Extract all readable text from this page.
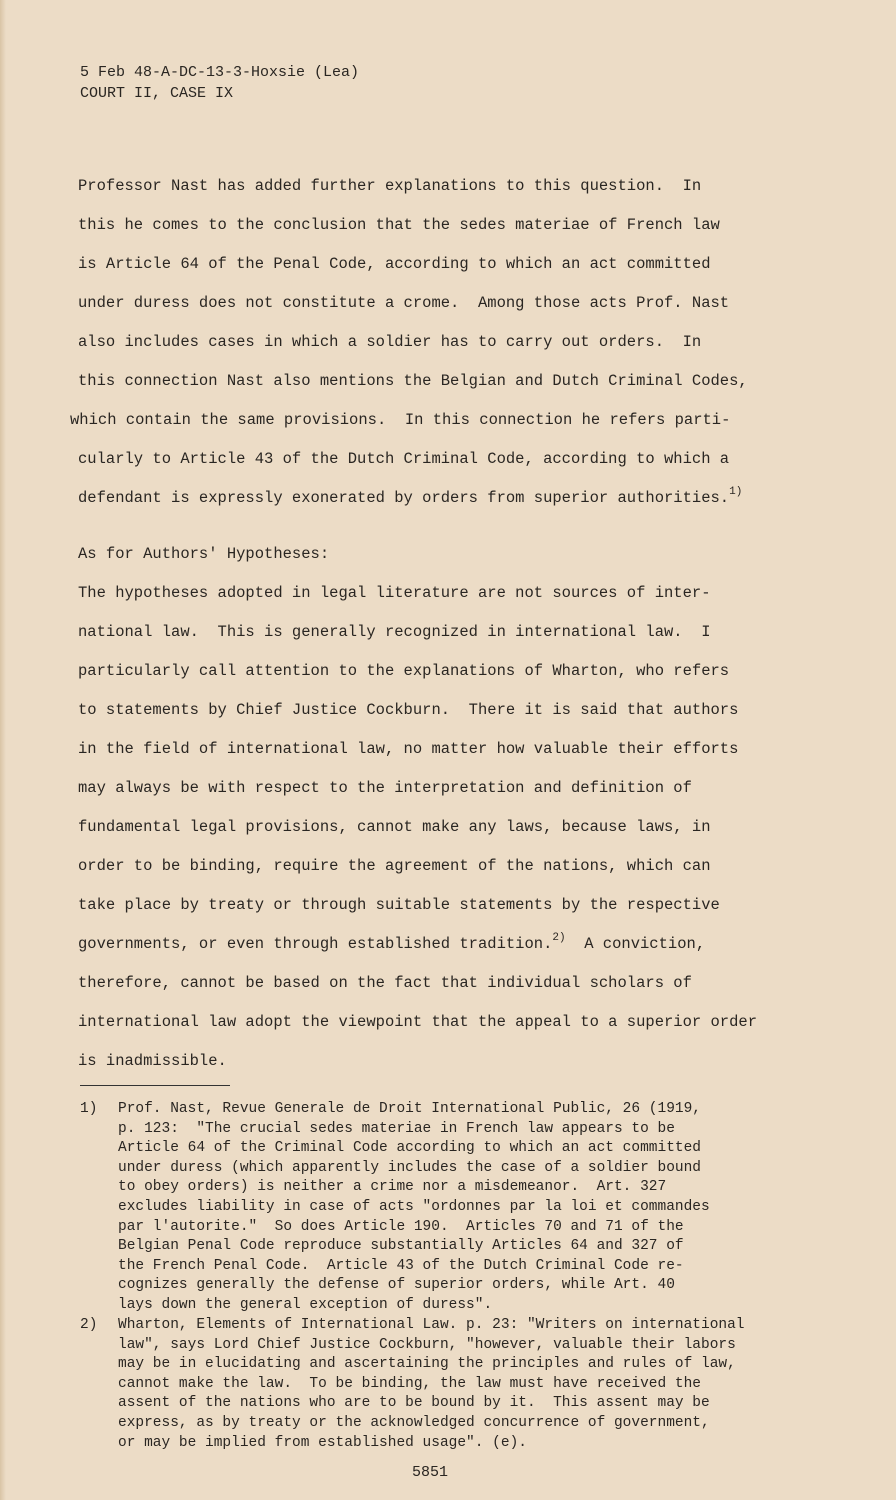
5 Feb 48-A-DC-13-3-Hoxsie (Lea)
COURT II, CASE IX
Professor Nast has added further explanations to this question.  In
this he comes to the conclusion that the sedes materiae of French law
is Article 64 of the Penal Code, according to which an act committed
under duress does not constitute a crome.  Among those acts Prof. Nast
also includes cases in which a soldier has to carry out orders.  In
this connection Nast also mentions the Belgian and Dutch Criminal Codes,
which contain the same provisions.  In this connection he refers parti-
cularly to Article 43 of the Dutch Criminal Code, according to which a
defendant is expressly exonerated by orders from superior authorities.$^{1)}$
As for Authors' Hypotheses:
The hypotheses adopted in legal literature are not sources of inter-
national law.  This is generally recognized in international law.  I
particularly call attention to the explanations of Wharton, who refers
to statements by Chief Justice Cockburn.  There it is said that authors
in the field of international law, no matter how valuable their efforts
may always be with respect to the interpretation and definition of
fundamental legal provisions, cannot make any laws, because laws, in
order to be binding, require the agreement of the nations, which can
take place by treaty or through suitable statements by the respective
governments, or even through established tradition.$^{2)}$  A conviction,
therefore, cannot be based on the fact that individual scholars of
international law adopt the viewpoint that the appeal to a superior order
is inadmissible.
1)	Prof. Nast, Revue Generale de Droit International Public, 26 (1919,
p. 123:  "The crucial sedes materiae in French law appears to be
Article 64 of the Criminal Code according to which an act committed
under duress (which apparently includes the case of a soldier bound
to obey orders) is neither a crime nor a misdemeanor.  Art. 327
excludes liability in case of acts "ordonnes par la loi et commandes
par l'autorite."  So does Article 190.  Articles 70 and 71 of the
Belgian Penal Code reproduce substantially Articles 64 and 327 of
the French Penal Code.  Article 43 of the Dutch Criminal Code re-
cognizes generally the defense of superior orders, while Art. 40
lays down the general exception of duress".
2)	Wharton, Elements of International Law. p. 23: "Writers on international
law", says Lord Chief Justice Cockburn, "however, valuable their labors
may be in elucidating and ascertaining the principles and rules of law,
cannot make the law.  To be binding, the law must have received the
assent of the nations who are to be bound by it.  This assent may be
express, as by treaty or the acknowledged concurrence of government,
or may be implied from established usage". (e).
5851
